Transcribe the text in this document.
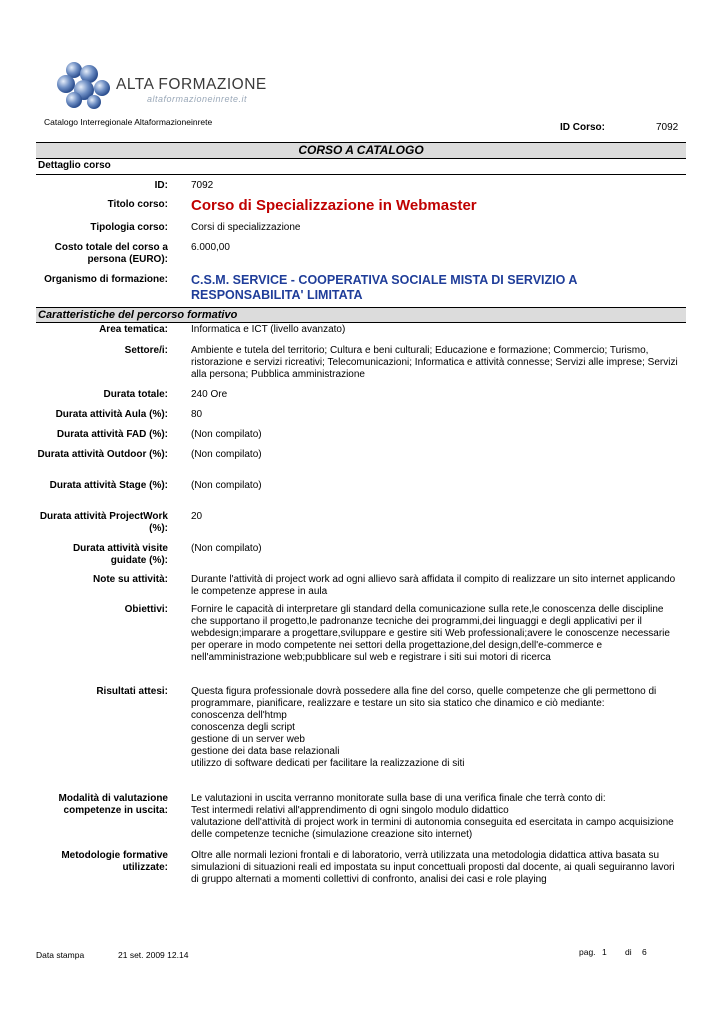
ALTA FORMAZIONE
altaformazioneinrete.it
Catalogo Interregionale Altaformazioneinrete	ID Corso:	7092
CORSO A CATALOGO
Dettaglio corso
ID: 7092
Titolo corso: Corso di Specializzazione in Webmaster
Tipologia corso: Corsi di specializzazione
Costo totale del corso a persona (EURO):
6.000,00
Organismo di formazione: C.S.M. SERVICE - COOPERATIVA SOCIALE MISTA DI SERVIZIO A RESPONSABILITA' LIMITATA
Caratteristiche del percorso formativo
Area tematica: Informatica e ICT (livello avanzato)
Settore/i: Ambiente e tutela del territorio; Cultura e beni culturali; Educazione e formazione; Commercio; Turismo, ristorazione e servizi ricreativi; Telecomunicazioni; Informatica e attività connesse; Servizi alle imprese; Servizi alla persona; Pubblica amministrazione
Durata totale: 240 Ore
Durata attività Aula (%): 80
Durata attività FAD (%): (Non compilato)
Durata attività Outdoor (%): (Non compilato)
Durata attività Stage (%): (Non compilato)
Durata attività ProjectWork (%):
20
Durata attività visite guidate (%):
(Non compilato)
Note su attività: Durante l'attività di project work ad ogni allievo sarà affidata il compito di realizzare un sito internet applicando le competenze apprese in aula
Obiettivi: Fornire le capacità di interpretare gli standard della comunicazione sulla rete,le conoscenza delle discipline che supportano il progetto,le padronanze tecniche dei programmi,dei linguaggi e degli applicativi per il webdesign;imparare a progettare,sviluppare e gestire siti Web professionali;avere le conoscenze necessarie per operare in modo competente nei settori della progettazione,del design,dell'e-commerce e nell'amministrazione web;pubblicare sul web e registrare i siti sui motori di ricerca
Risultati attesi: Questa figura professionale dovrà possedere alla fine del corso, quelle competenze che gli permettono di programmare, pianificare, realizzare e testare un sito sia statico che dinamico e ciò mediante:
conoscenza dell'htmp
conoscenza degli script
gestione di un server web
gestione dei data base relazionali
utilizzo di software dedicati per facilitare la realizzazione di siti
Modalità di valutazione competenze in uscita:
Le valutazioni in uscita verranno monitorate sulla base di una verifica finale che terrà conto di:
Test intermedi relativi all'apprendimento di ogni singolo modulo didattico
valutazione dell'attività di project work in termini di autonomia conseguita ed esercitata in campo acquisizione delle competenze tecniche (simulazione creazione sito internet)
Metodologie formative utilizzate:
Oltre alle normali lezioni frontali e di laboratorio, verrà utilizzata una metodologia didattica attiva basata su simulazioni di situazioni reali ed impostata su input concettuali proposti dal docente, ai quali seguiranno lavori di gruppo alternati a momenti collettivi di confronto, analisi dei casi e role playing
Data stampa	21 set. 2009 12.14	pag. 1 di 6
